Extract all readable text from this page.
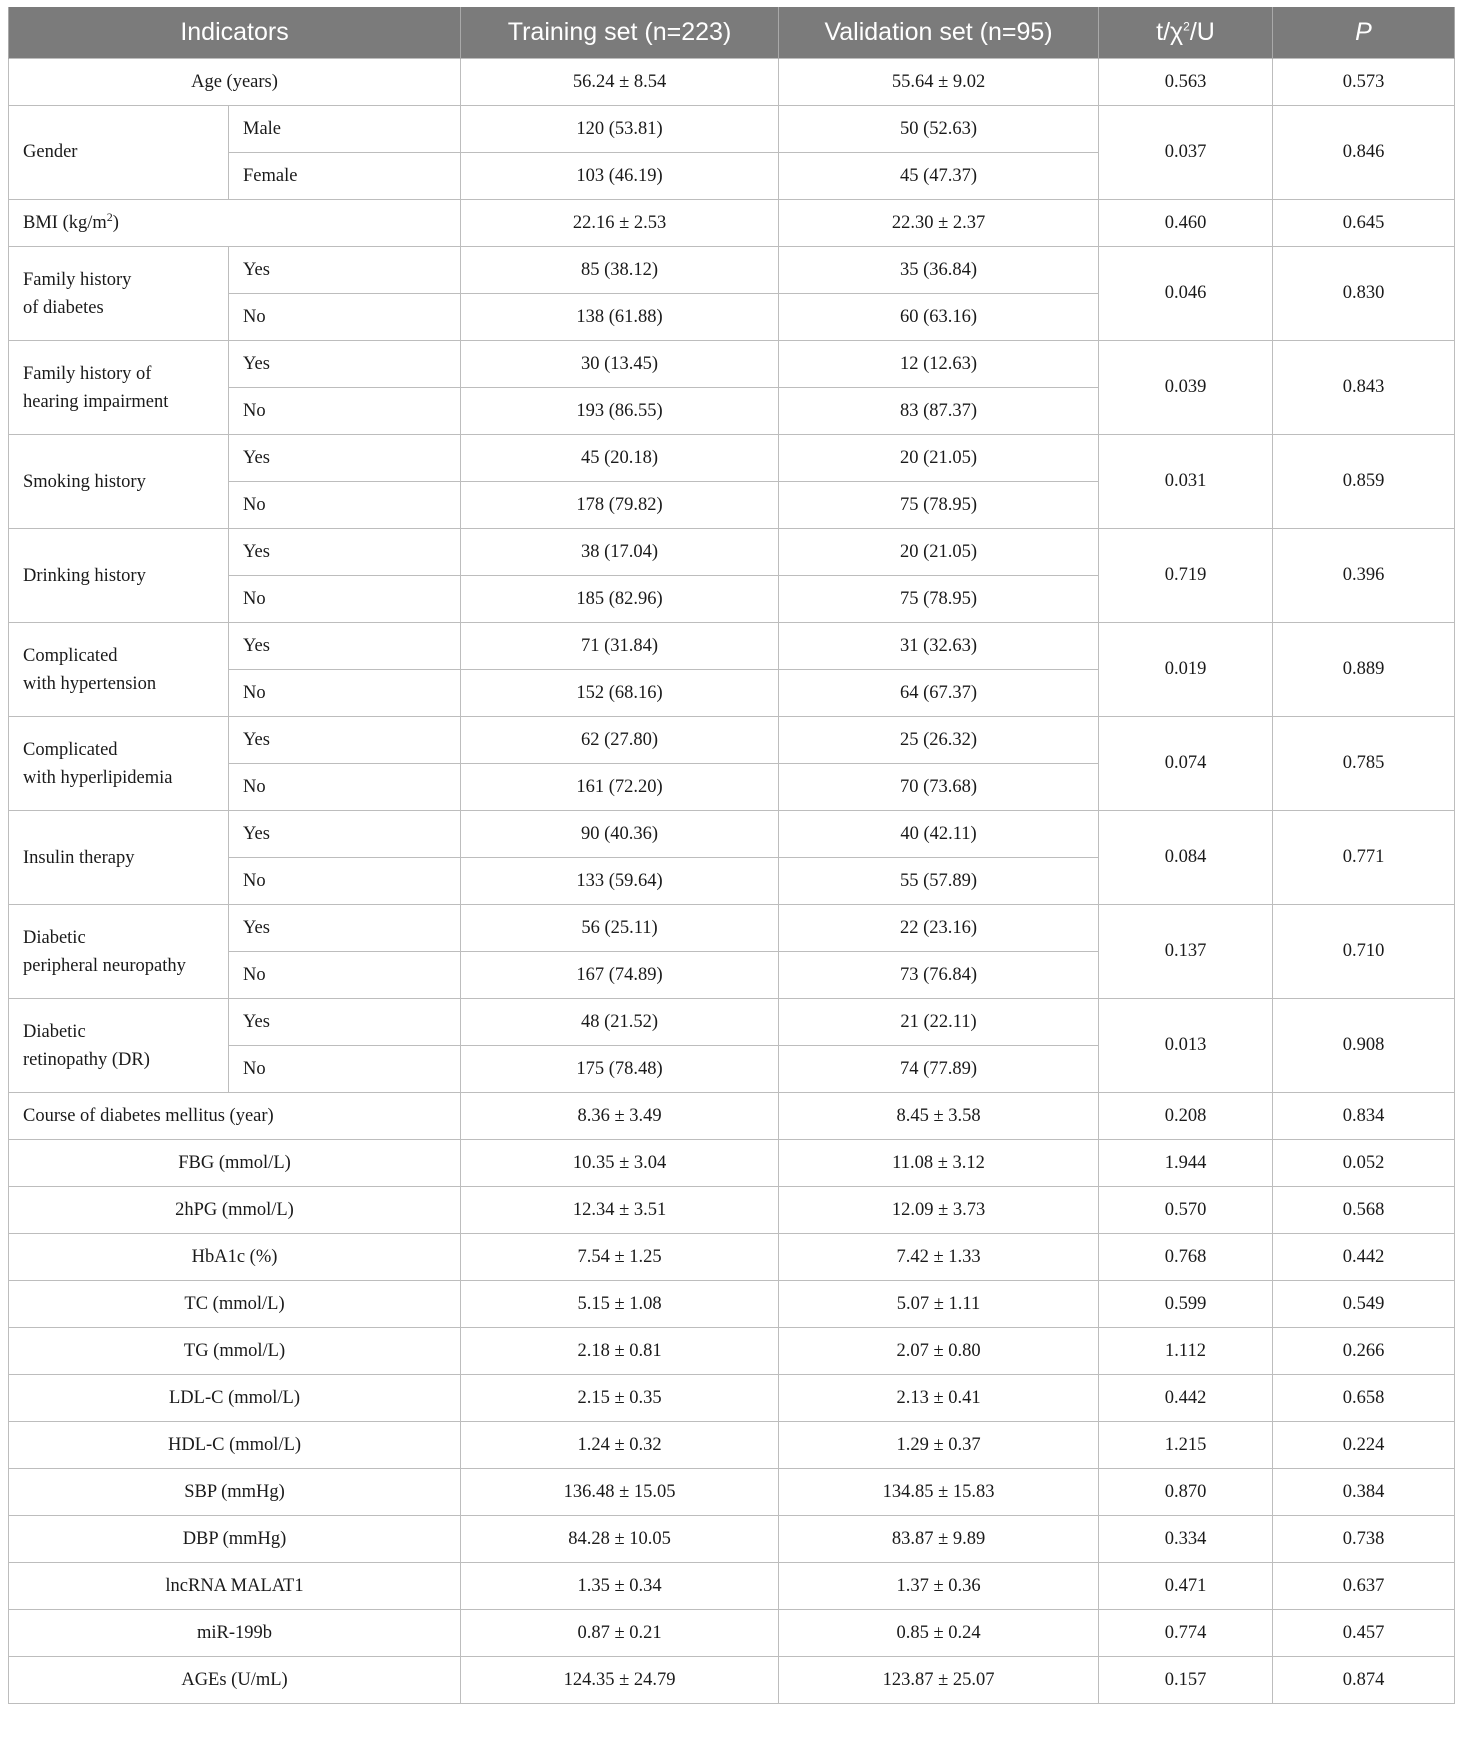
Indicators		Training set (n=223)	Validation set (n=95)	$t/\chi^2/U$	P
Age (years)		56.24 ± 8.54	55.64 ± 9.02	0.563	0.573
Gender	Male	120 (53.81)	50 (52.63)	0.037	0.846
	Female	103 (46.19)	45 (47.37)		
BMI $(kg/m^2)$		22.16 ± 2.53	22.30 ± 2.37	0.460	0.645
Family history
of diabetes	Yes	85 (38.12)	35 (36.84)	0.046	0.830
	No	138 (61.88)	60 (63.16)		
Family history of
hearing impairment	Yes	30 (13.45)	12 (12.63)	0.039	0.843
	No	193 (86.55)	83 (87.37)		
Smoking history	Yes	45 (20.18)	20 (21.05)	0.031	0.859
	No	178 (79.82)	75 (78.95)		
Drinking history	Yes	38 (17.04)	20 (21.05)	0.719	0.396
	No	185 (82.96)	75 (78.95)		
Complicated
with hypertension	Yes	71 (31.84)	31 (32.63)	0.019	0.889
	No	152 (68.16)	64 (67.37)		
Complicated
with hyperlipidemia	Yes	62 (27.80)	25 (26.32)	0.074	0.785
	No	161 (72.20)	70 (73.68)		
Insulin therapy	Yes	90 (40.36)	40 (42.11)	0.084	0.771
	No	133 (59.64)	55 (57.89)		
Diabetic
peripheral neuropathy	Yes	56 (25.11)	22 (23.16)	0.137	0.710
	No	167 (74.89)	73 (76.84)		
Diabetic
retinopathy (DR)	Yes	48 (21.52)	21 (22.11)	0.013	0.908
	No	175 (78.48)	74 (77.89)		
Course of diabetes mellitus (year)		8.36 ± 3.49	8.45 ± 3.58	0.208	0.834
FBG (mmol/L)		10.35 ± 3.04	11.08 ± 3.12	1.944	0.052
2hPG (mmol/L)		12.34 ± 3.51	12.09 ± 3.73	0.570	0.568
HbA1c (%)		7.54 ± 1.25	7.42 ± 1.33	0.768	0.442
TC (mmol/L)		5.15 ± 1.08	5.07 ± 1.11	0.599	0.549
TG (mmol/L)		2.18 ± 0.81	2.07 ± 0.80	1.112	0.266
LDL-C (mmol/L)		2.15 ± 0.35	2.13 ± 0.41	0.442	0.658
HDL-C (mmol/L)		1.24 ± 0.32	1.29 ± 0.37	1.215	0.224
SBP (mmHg)		136.48 ± 15.05	134.85 ± 15.83	0.870	0.384
DBP (mmHg)		84.28 ± 10.05	83.87 ± 9.89	0.334	0.738
lncRNA MALAT1		1.35 ± 0.34	1.37 ± 0.36	0.471	0.637
miR-199b		0.87 ± 0.21	0.85 ± 0.24	0.774	0.457
AGEs (U/mL)		124.35 ± 24.79	123.87 ± 25.07	0.157	0.874
